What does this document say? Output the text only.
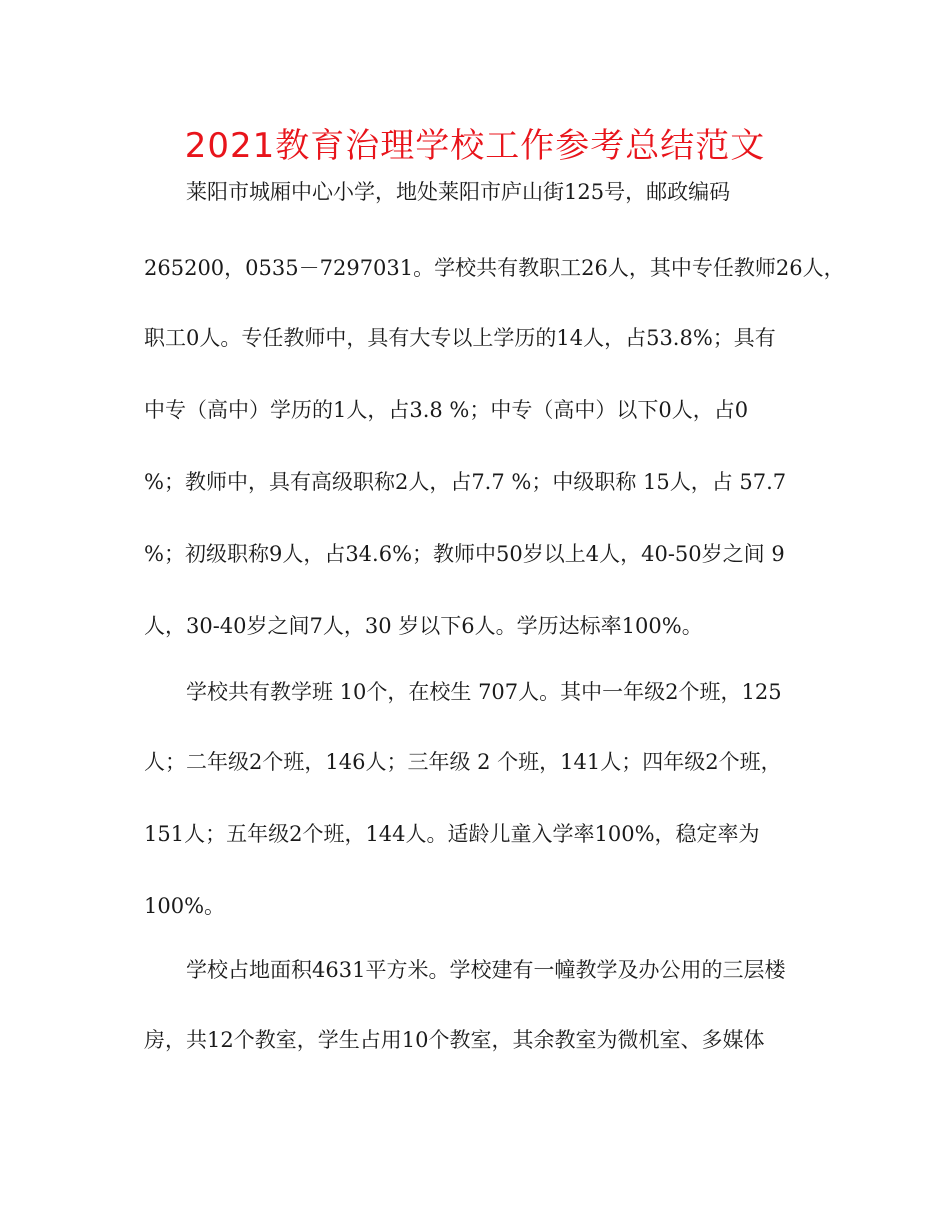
2021教育治理学校工作参考总结范文
莱阳市城厢中心小学，地处莱阳市庐山街125号，邮政编码
265200，0535－7297031。学校共有教职工26人，其中专任教师26人，
职工0人。专任教师中，具有大专以上学历的14人，占53.8%；具有
中专（高中）学历的1人，占3.8 %；中专（高中）以下0人，占0
%；教师中，具有高级职称2人，占7.7 %；中级职称 15人，占 57.7
%；初级职称9人，占34.6%；教师中50岁以上4人，40-50岁之间 9
人，30-40岁之间7人，30 岁以下6人。学历达标率100%。
学校共有教学班 10个，在校生 707人。其中一年级2个班，125
人；二年级2个班，146人；三年级 2 个班，141人；四年级2个班，
151人；五年级2个班，144人。适龄儿童入学率100%，稳定率为
100%。
学校占地面积4631平方米。学校建有一幢教学及办公用的三层楼
房，共12个教室，学生占用10个教室，其余教室为微机室、多媒体
